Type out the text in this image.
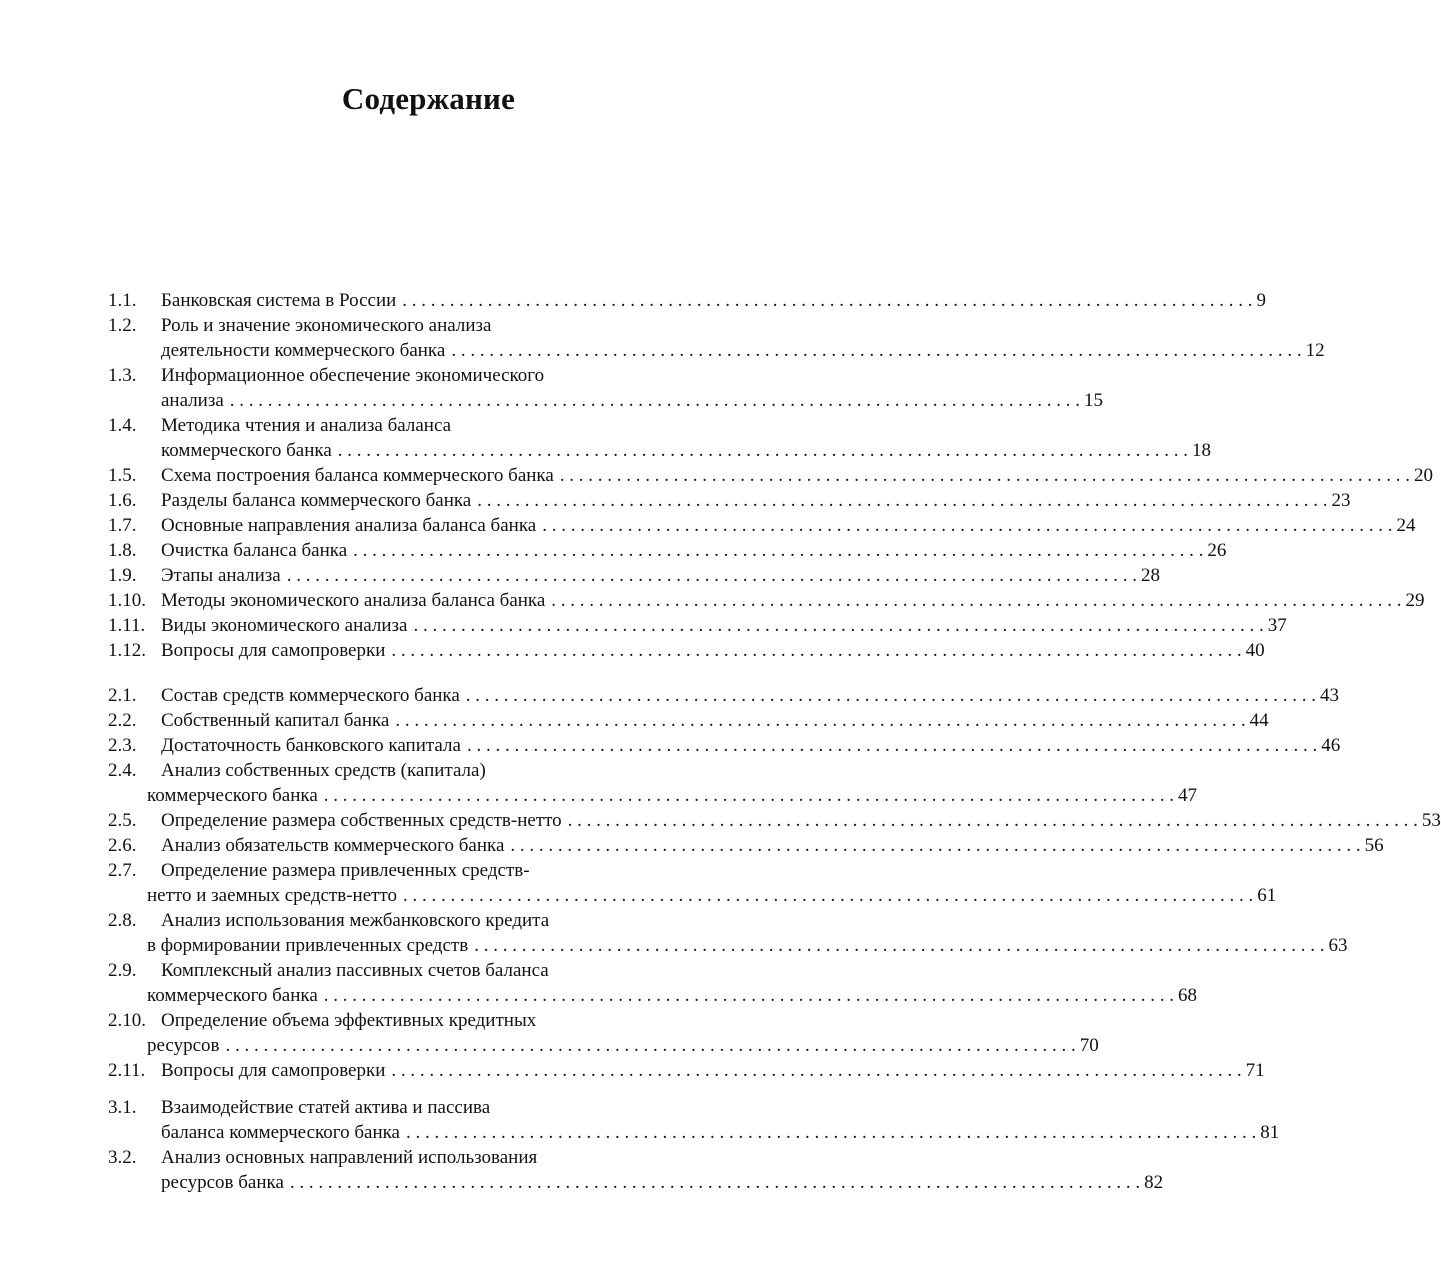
Содержание
1.1.	Банковская система в России . . .	9
1.2.	Роль и значение экономического анализа
деятельности коммерческого банка . . .	12
1.3.	Информационное обеспечение экономического
анализа . . .	15
1.4.	Методика чтения и анализа баланса
коммерческого банка . . .	18
1.5.	Схема построения баланса коммерческого банка . . .	20
1.6.	Разделы баланса коммерческого банка . . .	23
1.7.	Основные направления анализа баланса банка . . .	24
1.8.	Очистка баланса банка . . .	26
1.9.	Этапы анализа . . .	28
1.10. Методы экономического анализа баланса банка . . .	29
1.11. Виды экономического анализа . . .	37
1.12. Вопросы для самопроверки . . .	40
2.1.	Состав средств коммерческого банка . . .	43
2.2.	Собственный капитал банка . . .	44
2.3.	Достаточность банковского капитала . . .	46
2.4.	Анализ собственных средств (капитала)
коммерческого банка . . .	47
2.5.	Определение размера собственных средств-нетто . . .	53
2.6.	Анализ обязательств коммерческого банка . . .	56
2.7.	Определение размера привлеченных средств-
нетто и заемных средств-нетто . . .	61
2.8.	Анализ использования межбанковского кредита
в формировании привлеченных средств . . .	63
2.9.	Комплексный анализ пассивных счетов баланса
коммерческого банка . . .	68
2.10. Определение объема эффективных кредитных
ресурсов . . .	70
2.11. Вопросы для самопроверки . . .	71
3.1.	Взаимодействие статей актива и пассива
баланса коммерческого банка . . .	81
3.2.	Анализ основных направлений использования
ресурсов банка . . .	82
